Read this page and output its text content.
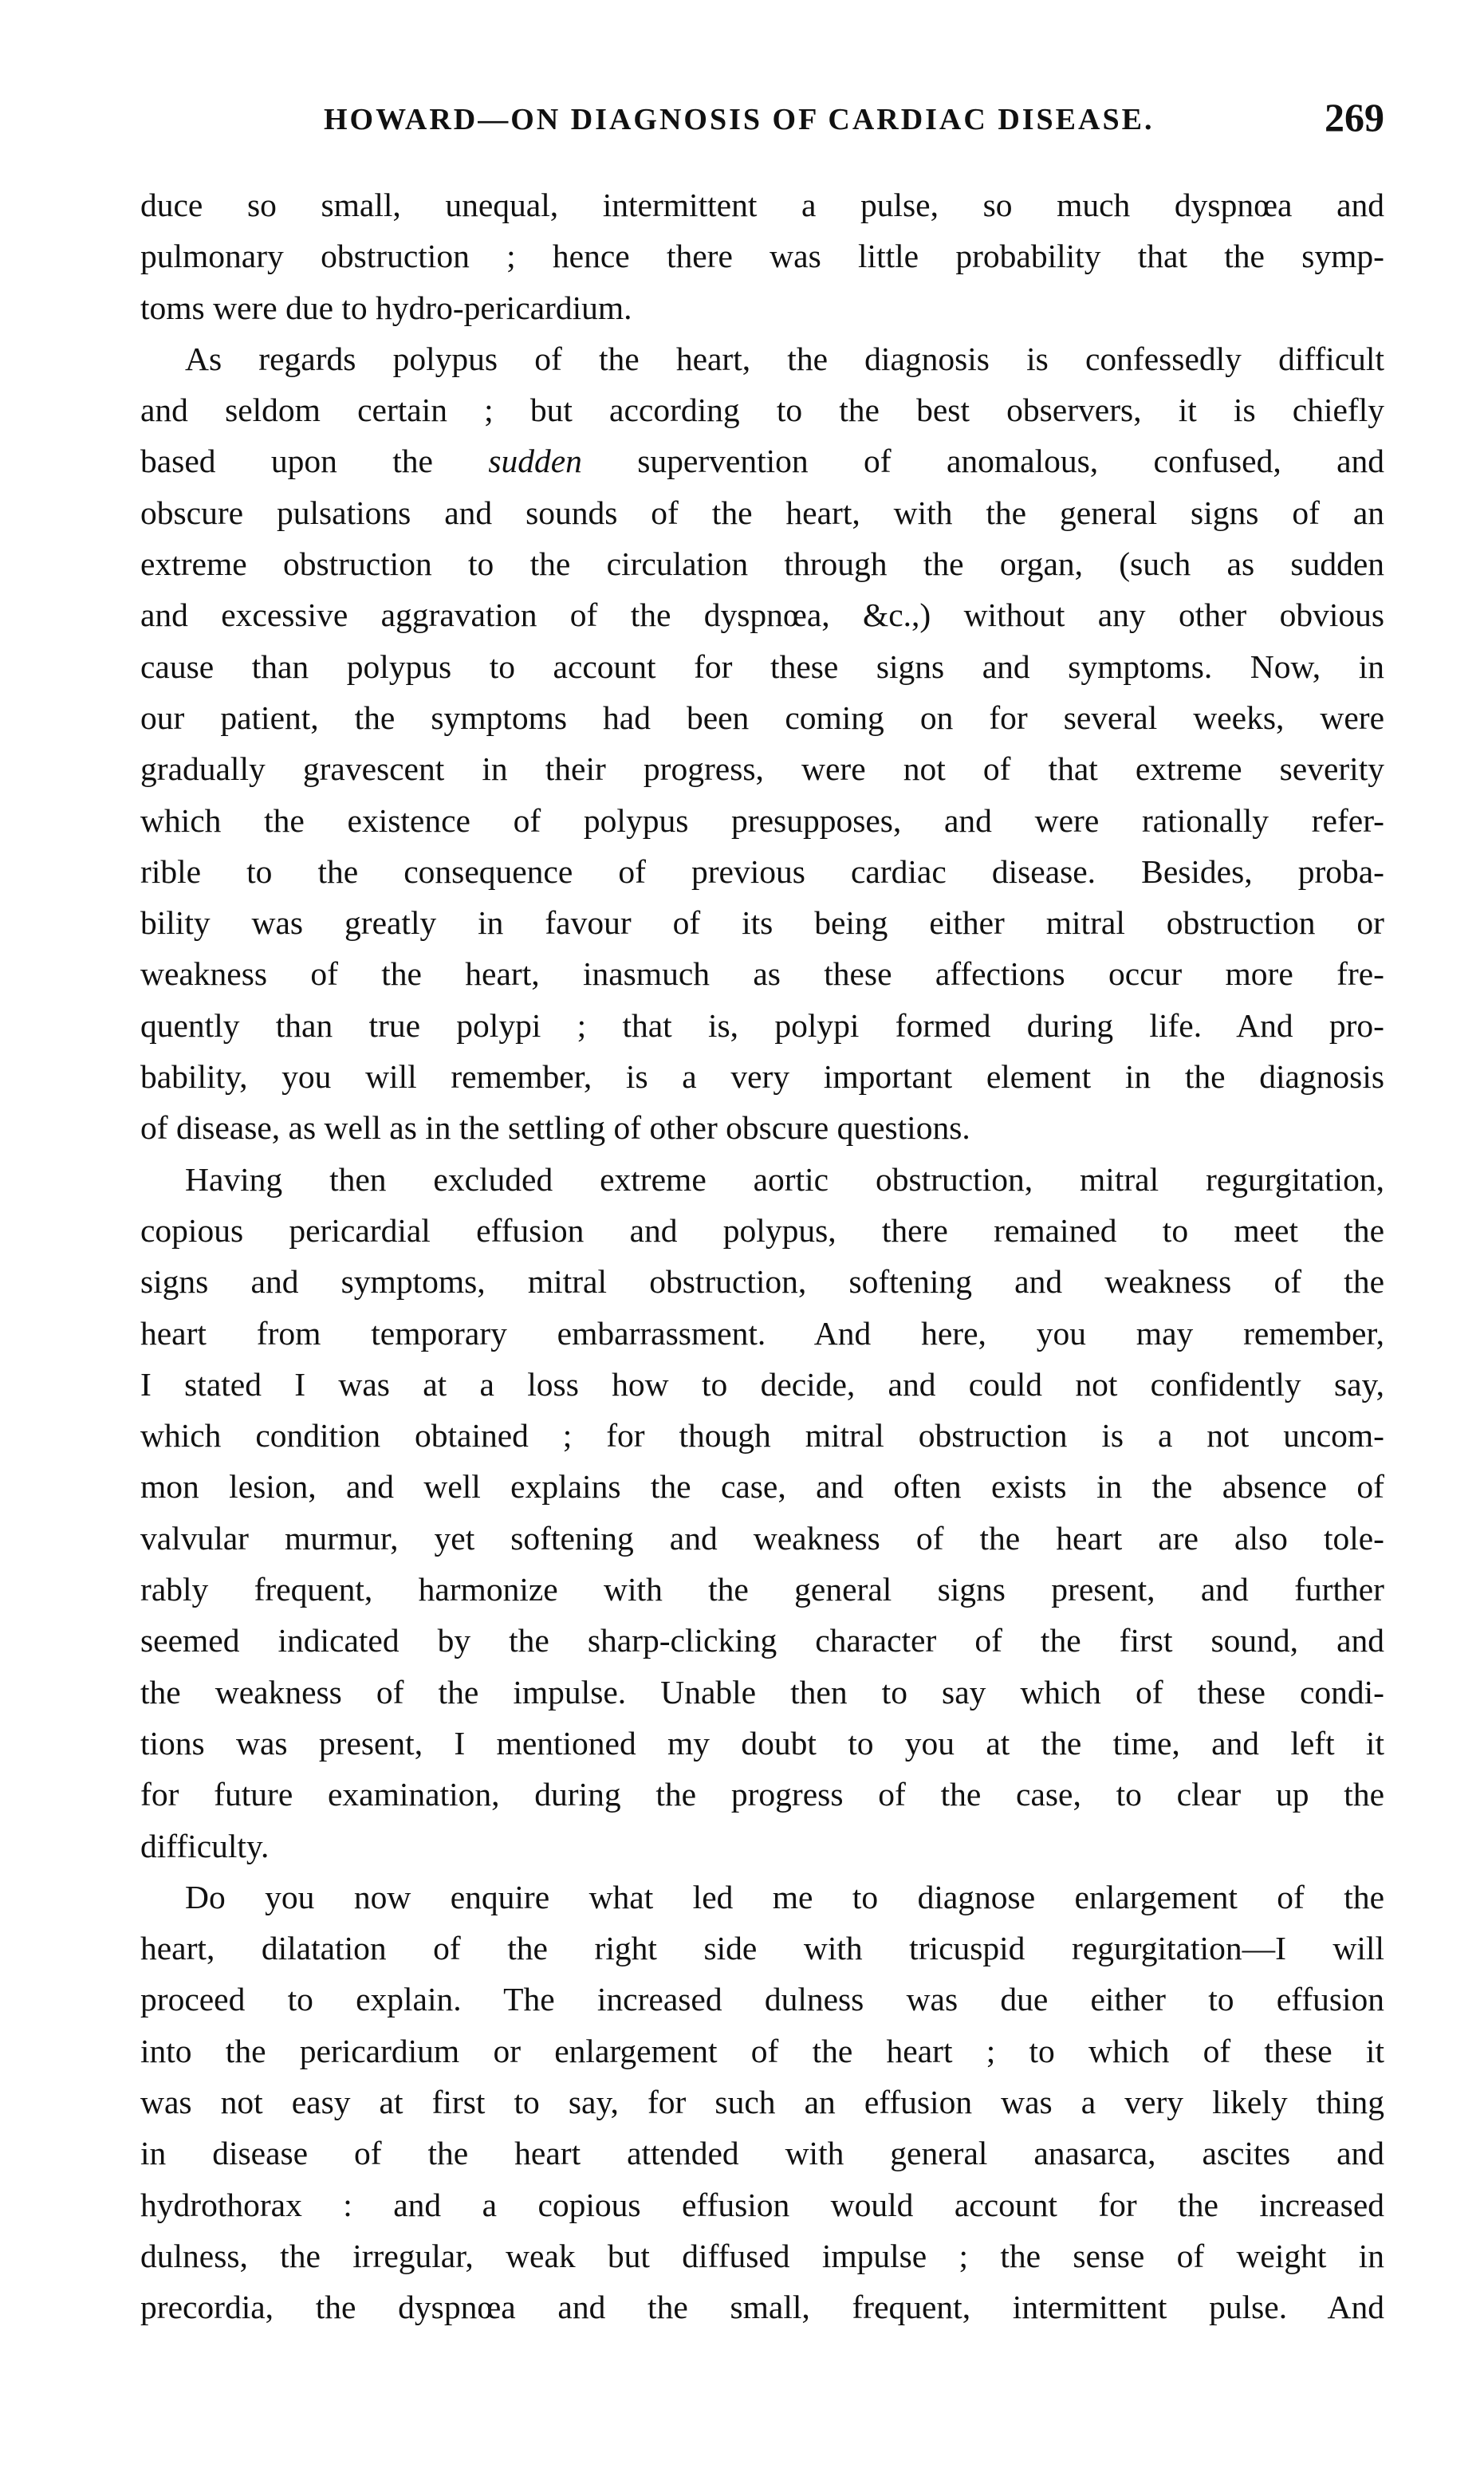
HOWARD—ON DIAGNOSIS OF CARDIAC DISEASE.	269

duce so small, unequal, intermittent a pulse, so much dyspnœa and

pulmonary obstruction ; hence there was little probability that the symp-

toms were due to hydro-pericardium.

As regards polypus of the heart, the diagnosis is confessedly difficult

and seldom certain ; but according to the best observers, it is chiefly

based upon the sudden supervention of anomalous, confused, and

obscure pulsations and sounds of the heart, with the general signs of an

extreme obstruction to the circulation through the organ, (such as sudden

and excessive aggravation of the dyspnœa, &c.,) without any other obvious

cause than polypus to account for these signs and symptoms. Now, in

our patient, the symptoms had been coming on for several weeks, were

gradually gravescent in their progress, were not of that extreme severity

which the existence of polypus presupposes, and were rationally refer-

rible to the consequence of previous cardiac disease. Besides, proba-

bility was greatly in favour of its being either mitral obstruction or

weakness of the heart, inasmuch as these affections occur more fre-

quently than true polypi ; that is, polypi formed during life. And pro-

bability, you will remember, is a very important element in the diagnosis

of disease, as well as in the settling of other obscure questions.

Having then excluded extreme aortic obstruction, mitral regurgitation,

copious pericardial effusion and polypus, there remained to meet the

signs and symptoms, mitral obstruction, softening and weakness of the

heart from temporary embarrassment. And here, you may remember,

I stated I was at a loss how to decide, and could not confidently say,

which condition obtained ; for though mitral obstruction is a not uncom-

mon lesion, and well explains the case, and often exists in the absence of

valvular murmur, yet softening and weakness of the heart are also tole-

rably frequent, harmonize with the general signs present, and further

seemed indicated by the sharp-clicking character of the first sound, and

the weakness of the impulse. Unable then to say which of these condi-

tions was present, I mentioned my doubt to you at the time, and left it

for future examination, during the progress of the case, to clear up the

difficulty.

Do you now enquire what led me to diagnose enlargement of the

heart, dilatation of the right side with tricuspid regurgitation—I will

proceed to explain. The increased dulness was due either to effusion

into the pericardium or enlargement of the heart ; to which of these it

was not easy at first to say, for such an effusion was a very likely thing

in disease of the heart attended with general anasarca, ascites and

hydrothorax : and a copious effusion would account for the increased

dulness, the irregular, weak but diffused impulse ; the sense of weight in

precordia, the dyspnœa and the small, frequent, intermittent pulse. And
